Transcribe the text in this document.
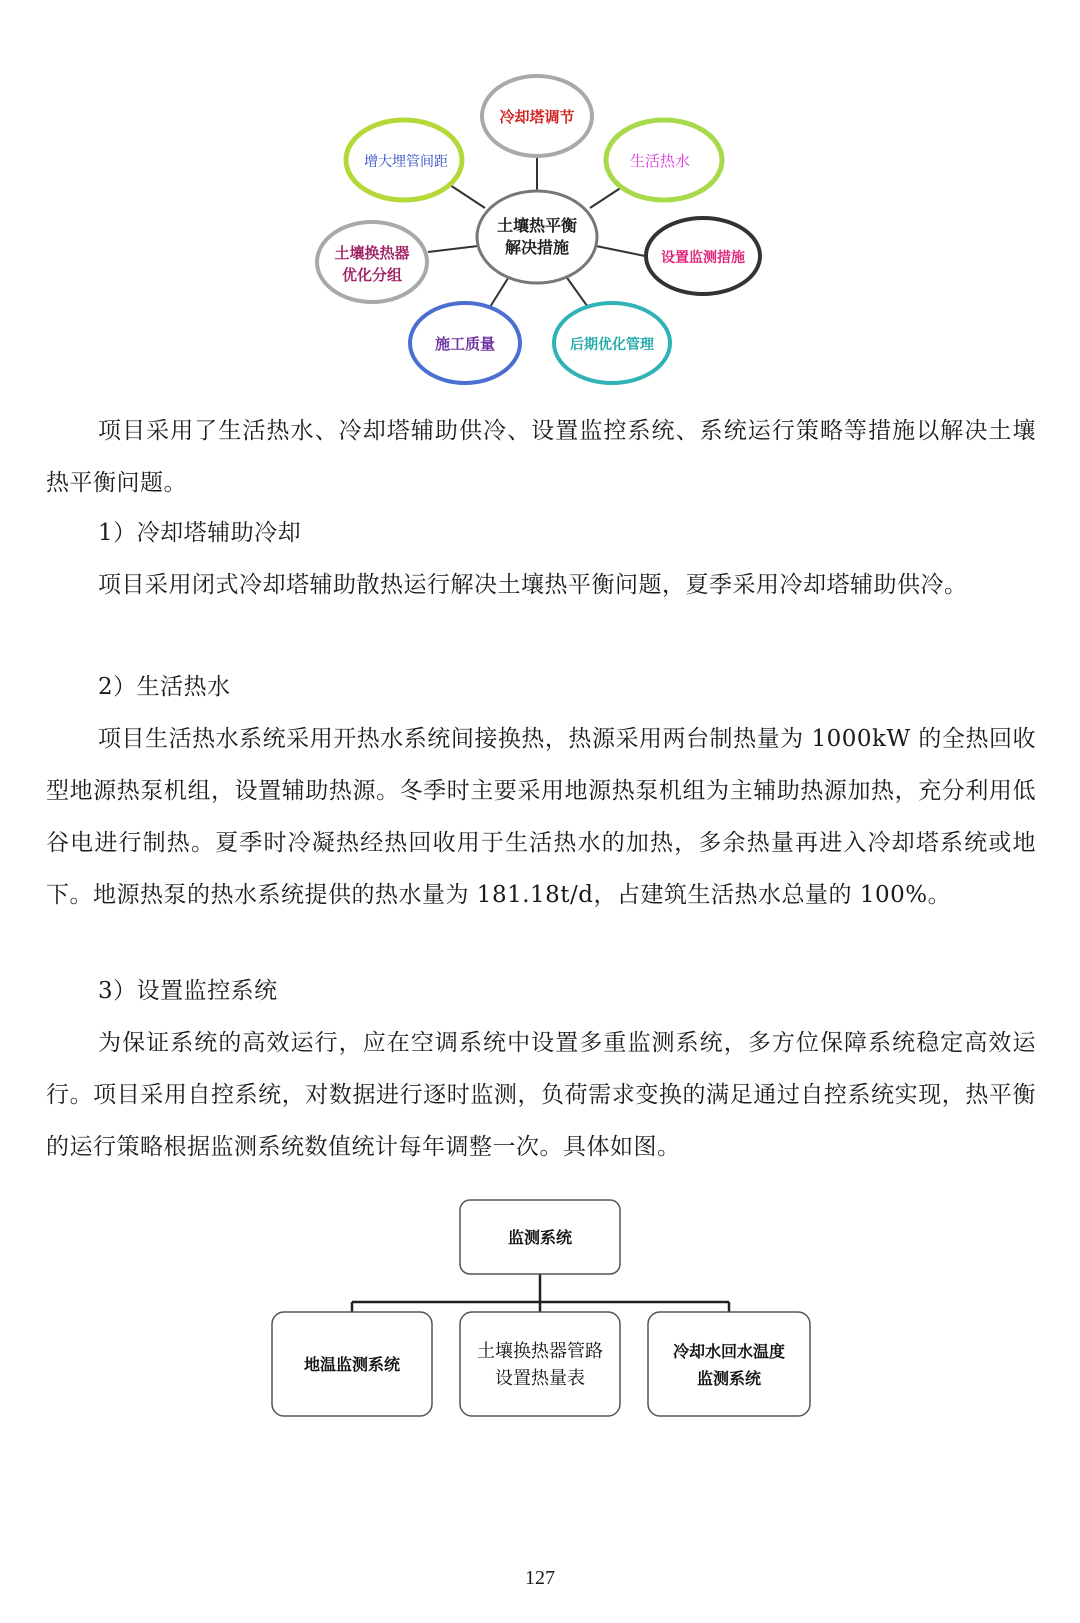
土壤热平衡
解决措施
冷却塔调节
生活热水
设置监测措施
后期优化管理
施工质量
土壤换热器
优化分组
增大埋管间距

项目采用了生活热水、冷却塔辅助供冷、设置监控系统、系统运行策略等措施以解决土壤热平衡问题。

1）冷却塔辅助冷却

项目采用闭式冷却塔辅助散热运行解决土壤热平衡问题，夏季采用冷却塔辅助供冷。

2）生活热水

项目生活热水系统采用开热水系统间接换热，热源采用两台制热量为 1000kW 的全热回收型地源热泵机组，设置辅助热源。冬季时主要采用地源热泵机组为主辅助热源加热，充分利用低谷电进行制热。夏季时冷凝热经热回收用于生活热水的加热，多余热量再进入冷却塔系统或地下。地源热泵的热水系统提供的热水量为 181.18t/d，占建筑生活热水总量的 100%。

3）设置监控系统

为保证系统的高效运行，应在空调系统中设置多重监测系统，多方位保障系统稳定高效运行。项目采用自控系统，对数据进行逐时监测，负荷需求变换的满足通过自控系统实现，热平衡的运行策略根据监测系统数值统计每年调整一次。具体如图。

监测系统
地温监测系统
土壤换热器管路
设置热量表
冷却水回水温度
监测系统
127
